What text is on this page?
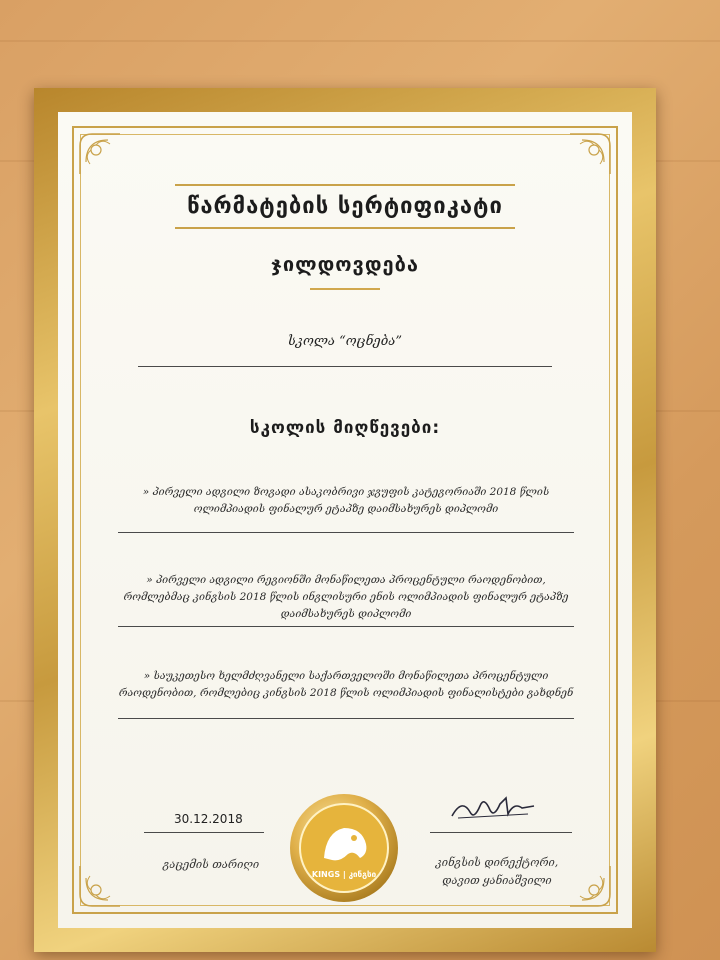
წარმატების სერტიფიკატი
ჯილდოვდება
სკოლა “ოცნება”
სკოლის მიღწევები:
» პირველი ადგილი ზოგადი ასაკობრივი ჯგუფის კატეგორიაში 2018 წლის ოლიმპიადის ფინალურ ეტაპზე დაიმსახურეს დიპლომი
» პირველი ადგილი რეგიონში მონაწილეთა პროცენტული რაოდენობით, რომლებმაც კინგსის 2018 წლის ინგლისური ენის ოლიმპიადის ფინალურ ეტაპზე დაიმსახურეს დიპლომი
» საუკეთესო ხელმძღვანელი საქართველოში მონაწილეთა პროცენტული რაოდენობით, რომლებიც კინგსის 2018 წლის ოლიმპიადის ფინალისტები გახდნენ
30.12.2018
გაცემის თარიღი
KINGS | კინგსი
კინგსის დირექტორი,
დავით ყანიაშვილი
